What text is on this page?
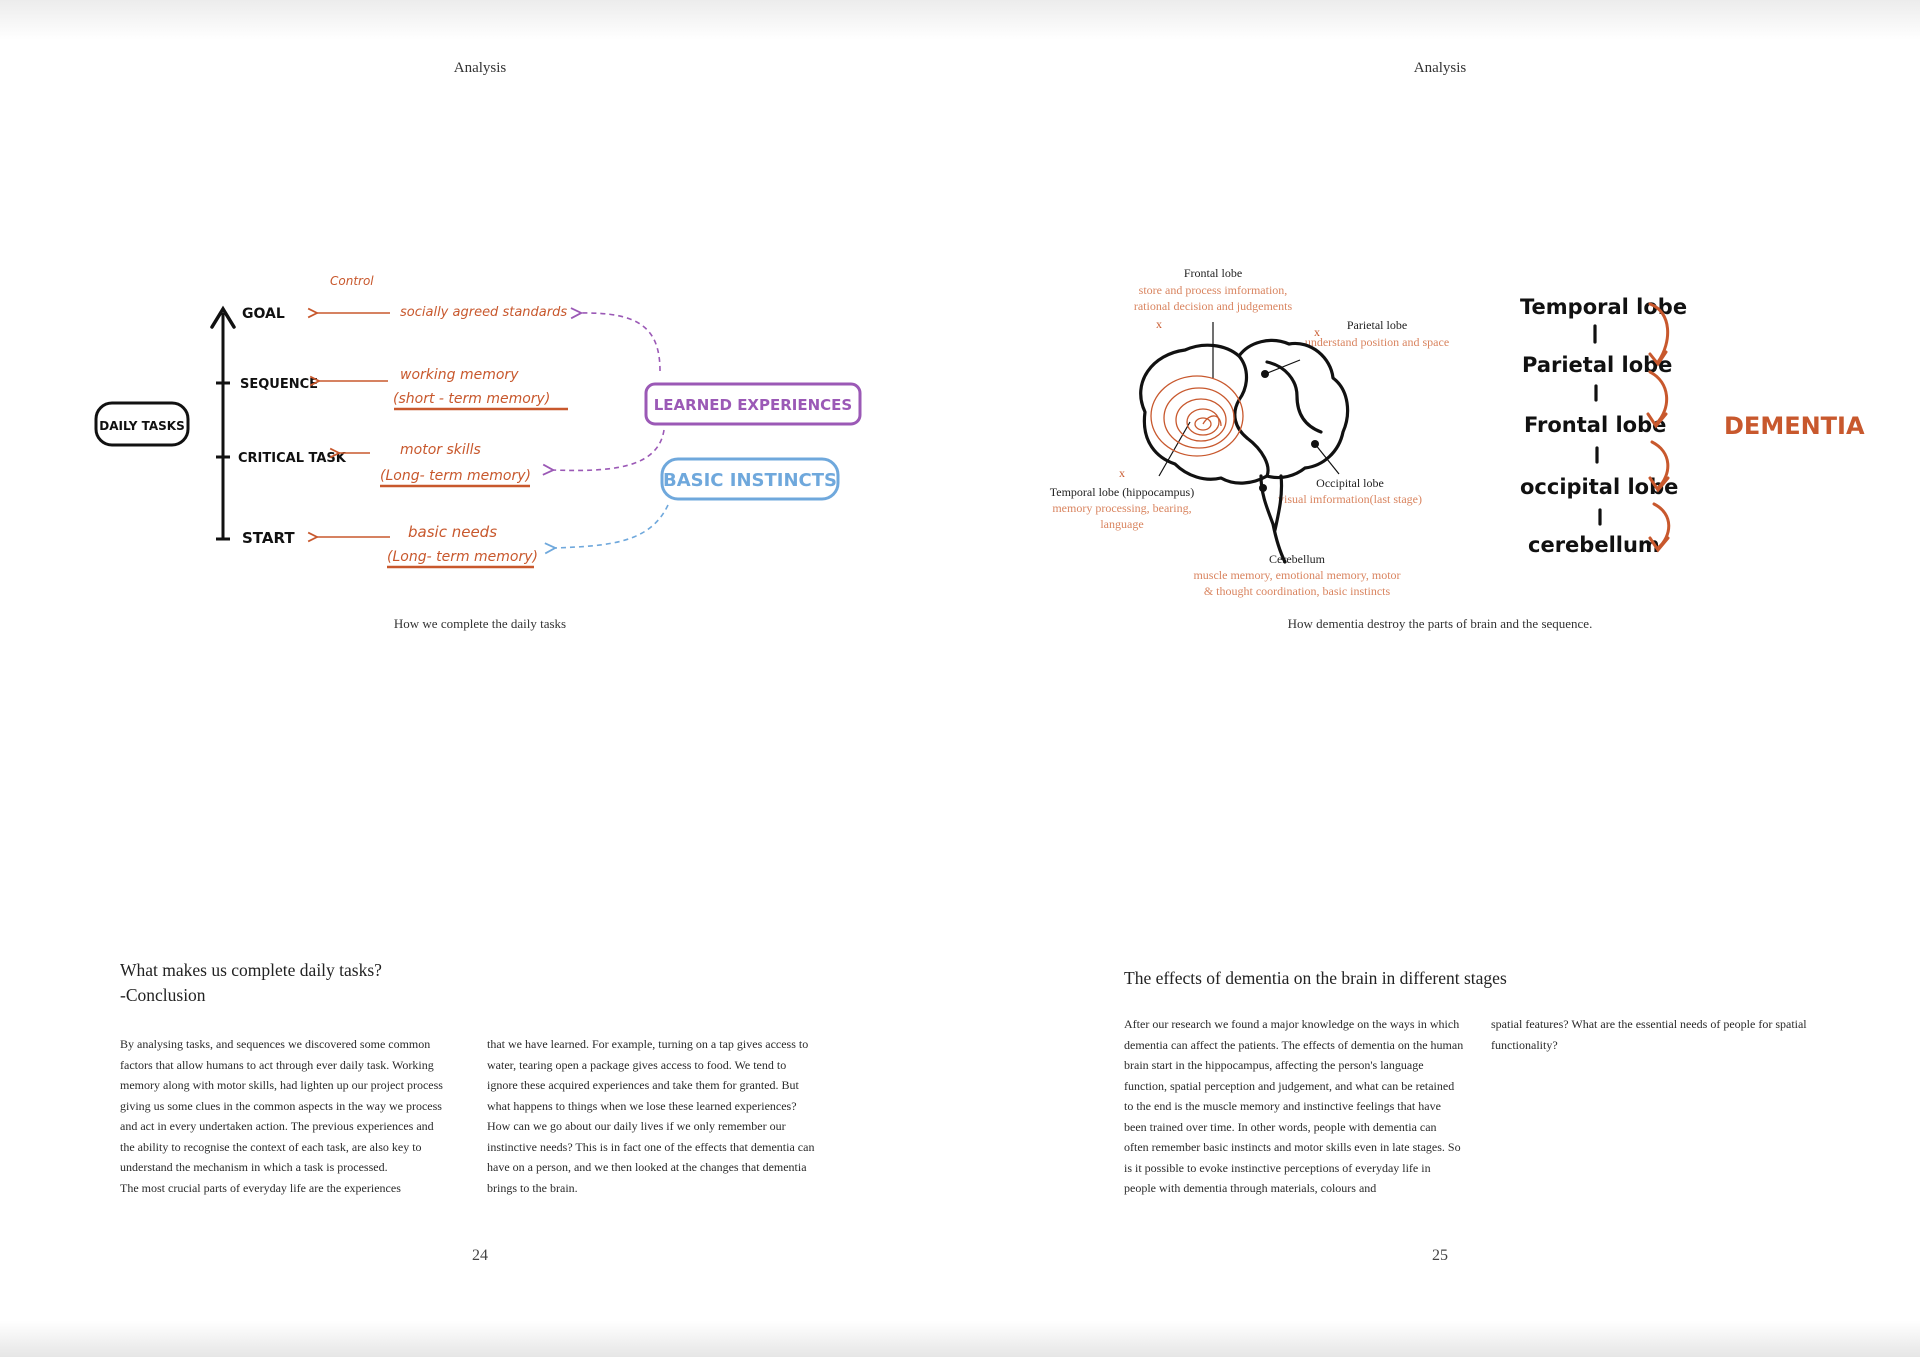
Analysis
DAILY TASKS
GOAL
SEQUENCE
CRITICAL TASK
START
Control
socially agreed standards
working memory
(short - term memory)
motor skills
(Long- term memory)
basic needs
(Long- term memory)
LEARNED EXPERIENCES
BASIC INSTINCTS
How we complete the daily tasks
What makes us complete daily tasks?
-Conclusion
By analysing tasks, and sequences we discovered some common factors that allow humans to act through ever daily task. Working memory along with motor skills, had lighten up our project process giving us some clues in the common aspects in the way we process and act in every undertaken action. The previous experiences and the ability to recognise the context of each task, are also key to understand the mechanism in which a task is processed.
The most crucial parts of everyday life are the experiences
that we have learned. For example, turning on a tap gives access to water, tearing open a package gives access to food. We tend to ignore these acquired experiences and take them for granted. But what happens to things when we lose these learned experiences? How can we go about our daily lives if we only remember our instinctive needs? This is in fact one of the effects that dementia can have on a person, and we then looked at the changes that dementia brings to the brain.
24
Analysis
Frontal lobe
store and process imformation,
rational decision and judgements
x	Parietal lobe
understand position and space
x
x
Temporal lobe (hippocampus)
memory processing, bearing,
language
Occipital lobe
visual imformation(last stage)
Cerebellum
muscle memory, emotional memory, motor
& thought coordination, basic instincts
Temporal lobe
Parietal lobe
Frontal lobe
occipital lobe
cerebellum
DEMENTIA
How dementia destroy the parts of brain and the sequence.
The effects of dementia on the brain in different stages
After our research we found a major knowledge on the ways in which dementia can affect the patients. The effects of dementia on the human brain start in the hippocampus, affecting the person's language function, spatial perception and judgement, and what can be retained to the end is the muscle memory and instinctive feelings that have been trained over time. In other words, people with dementia can often remember basic instincts and motor skills even in late stages. So is it possible to evoke instinctive perceptions of everyday life in people with dementia through materials, colours and
spatial features? What are the essential needs of people for spatial functionality?
25
